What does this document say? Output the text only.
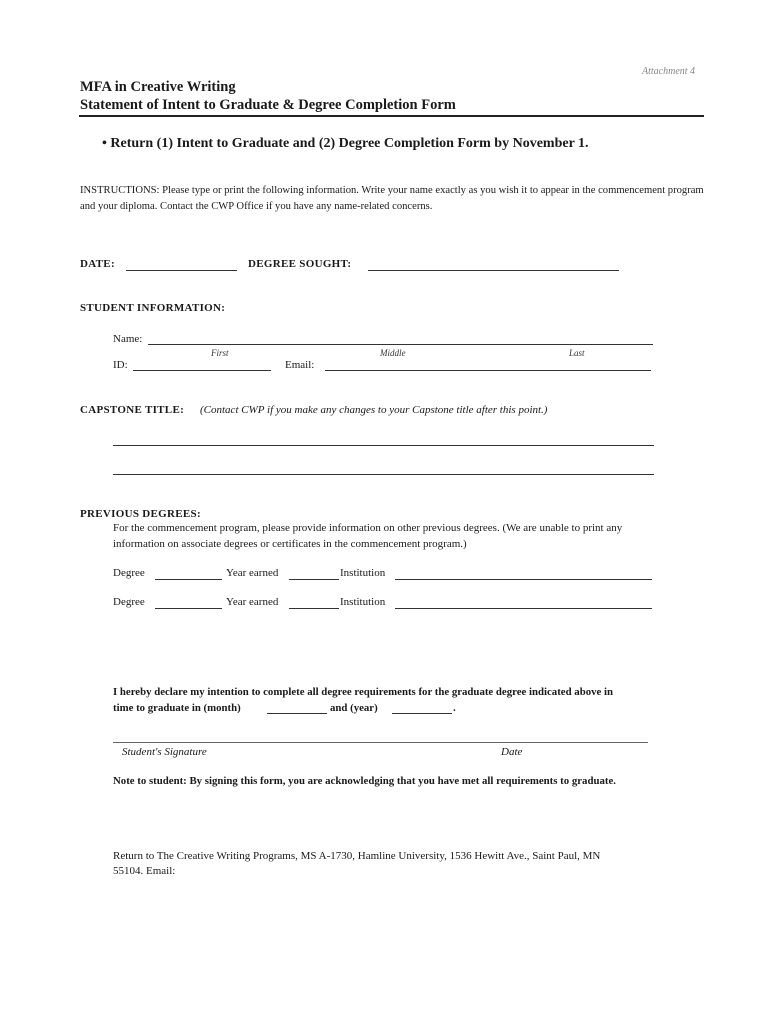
Attachment 4
MFA in Creative Writing
Statement of Intent to Graduate & Degree Completion Form
• Return (1) Intent to Graduate and (2) Degree Completion Form by November 1.
INSTRUCTIONS: Please type or print the following information. Write your name exactly as you wish it to appear in the commencement program and your diploma. Contact the CWP Office if you have any name-related concerns.
DATE:	DEGREE SOUGHT:
STUDENT INFORMATION:
Name:
First	Middle	Last
ID:	Email:
CAPSTONE TITLE: (Contact CWP if you make any changes to your Capstone title after this point.)
PREVIOUS DEGREES:
For the commencement program, please provide information on other previous degrees. (We are unable to print any
information on associate degrees or certificates in the commencement program.)
Degree	Year earned	Institution
Degree	Year earned	Institution
I hereby declare my intention to complete all degree requirements for the graduate degree indicated above in
time to graduate in (month)	and (year)	.
Student's Signature	Date
Note to student: By signing this form, you are acknowledging that you have met all requirements to graduate.
Return to The Creative Writing Programs, MS A-1730, Hamline University, 1536 Hewitt Ave., Saint Paul, MN
55104. Email:
